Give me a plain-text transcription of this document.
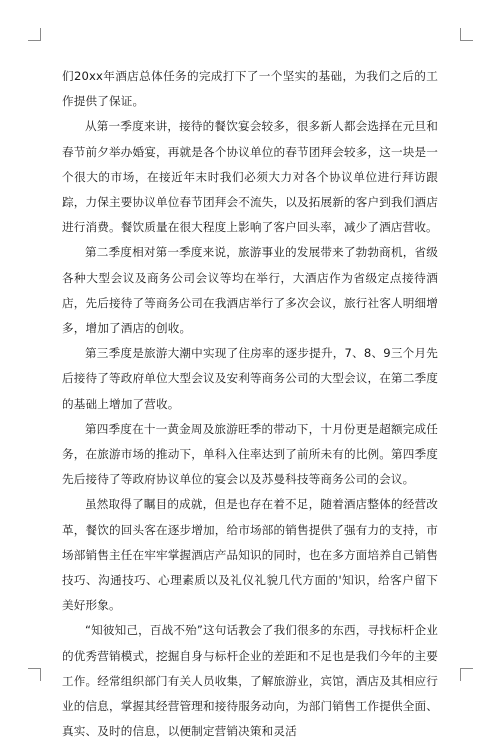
们20xx年酒店总体任务的完成打下了一个坚实的基础，为我们之后的工作提供了保证。

从第一季度来讲，接待的餐饮宴会较多，很多新人都会选择在元旦和春节前夕举办婚宴，再就是各个协议单位的春节团拜会较多，这一块是一个很大的市场，在接近年末时我们必须大力对各个协议单位进行拜访跟踪，力保主要协议单位春节团拜会不流失，以及拓展新的客户到我们酒店进行消费。餐饮质量在很大程度上影响了客户回头率，减少了酒店营收。

第二季度相对第一季度来说，旅游事业的发展带来了勃勃商机，省级各种大型会议及商务公司会议等均在举行，大酒店作为省级定点接待酒店，先后接待了等商务公司在我酒店举行了多次会议，旅行社客人明细增多，增加了酒店的创收。

第三季度是旅游大潮中实现了住房率的逐步提升，7、8、9三个月先后接待了等政府单位大型会议及安利等商务公司的大型会议，在第二季度的基础上增加了营收。

第四季度在十一黄金周及旅游旺季的带动下，十月份更是超额完成任务，在旅游市场的推动下，单科入住率达到了前所未有的比例。第四季度先后接待了等政府协议单位的宴会以及苏曼科技等商务公司的会议。

虽然取得了瞩目的成就，但是也存在着不足，随着酒店整体的经营改革，餐饮的回头客在逐步增加，给市场部的销售提供了强有力的支持，市场部销售主任在牢牢掌握酒店产品知识的同时，也在多方面培养自己销售技巧、沟通技巧、心理素质以及礼仪礼貌几代方面的'知识，给客户留下美好形象。

“知彼知己，百战不殆”这句话教会了我们很多的东西，寻找标杆企业的优秀营销模式，挖掘自身与标杆企业的差距和不足也是我们今年的主要工作。经常组织部门有关人员收集，了解旅游业，宾馆，酒店及其相应行业的信息，掌握其经营管理和接待服务动向，为部门销售工作提供全面、真实、及时的信息，以便制定营销决策和灵活
